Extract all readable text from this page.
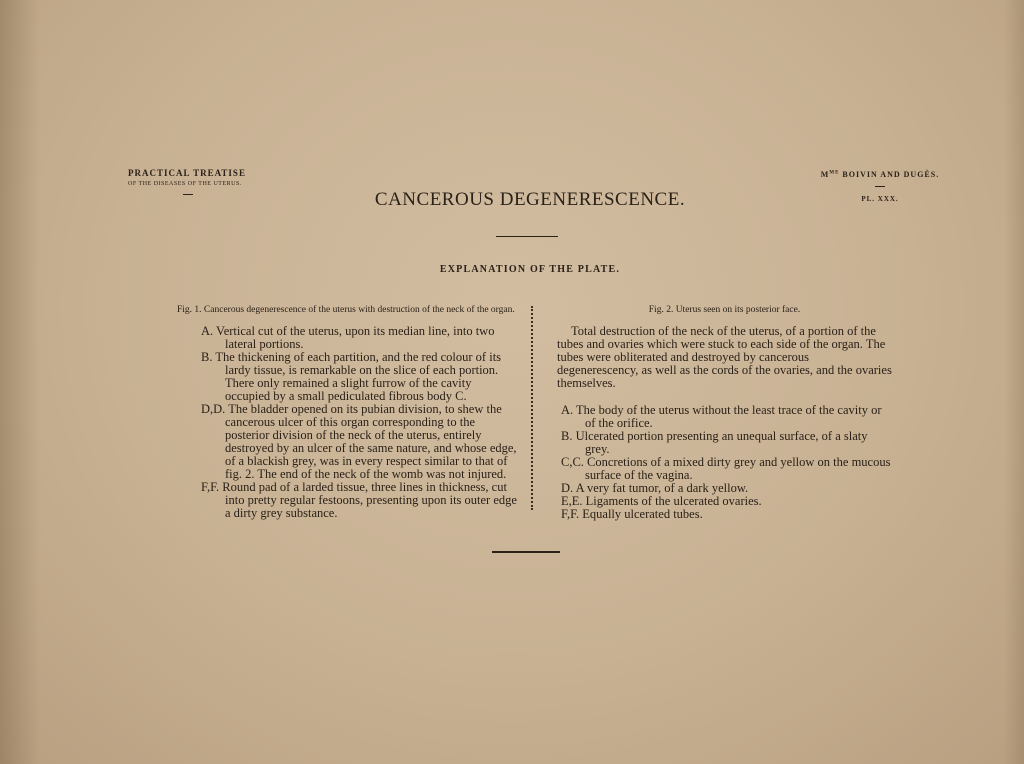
PRACTICAL TREATISE
OF THE DISEASES OF THE UTERUS.
$M^{ME}$ BOIVIN AND DUGÈS.
PL. XXX.
CANCEROUS DEGENERESCENCE.
EXPLANATION OF THE PLATE.

Fig. 1. Cancerous degenerescence of the uterus with destruction of the neck of the organ.

A. Vertical cut of the uterus, upon its median line, into two lateral portions.

B. The thickening of each partition, and the red colour of its lardy tissue, is remarkable on the slice of each portion. There only remained a slight furrow of the cavity occupied by a small pediculated fibrous body C.

D,D. The bladder opened on its pubian division, to shew the cancerous ulcer of this organ corresponding to the posterior division of the neck of the uterus, entirely destroyed by an ulcer of the same nature, and whose edge, of a blackish grey, was in every respect similar to that of fig. 2. The end of the neck of the womb was not injured.

F,F. Round pad of a larded tissue, three lines in thickness, cut into pretty regular festoons, presenting upon its outer edge a dirty grey substance.

Fig. 2. Uterus seen on its posterior face.

Total destruction of the neck of the uterus, of a portion of the tubes and ovaries which were stuck to each side of the organ. The tubes were obliterated and destroyed by cancerous degenerescency, as well as the cords of the ovaries, and the ovaries themselves.

A. The body of the uterus without the least trace of the cavity or of the orifice.

B. Ulcerated portion presenting an unequal surface, of a slaty grey.

C,C. Concretions of a mixed dirty grey and yellow on the mucous surface of the vagina.

D. A very fat tumor, of a dark yellow.

E,E. Ligaments of the ulcerated ovaries.

F,F. Equally ulcerated tubes.
